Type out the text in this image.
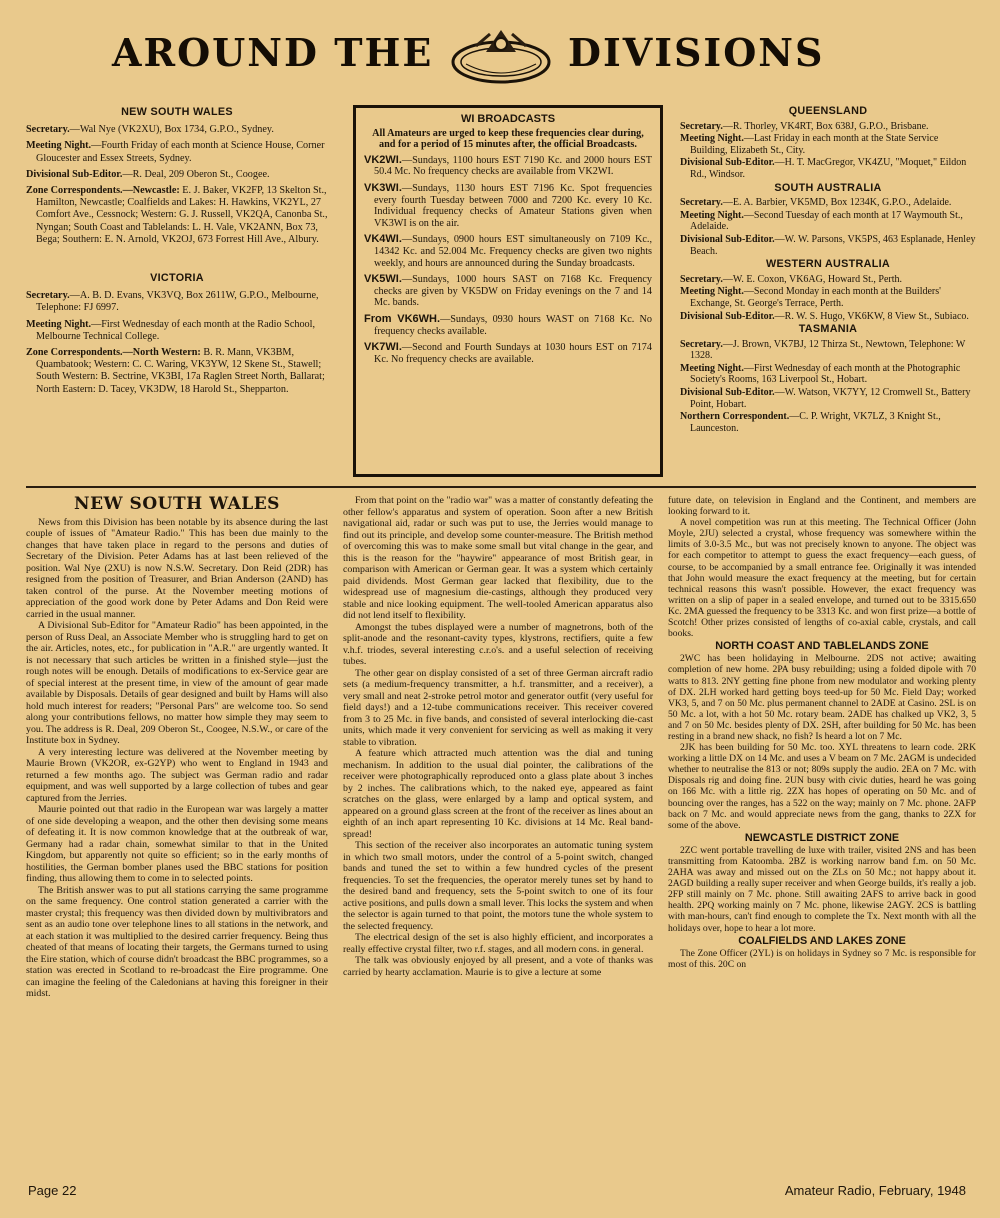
AROUND THE	DIVISIONS
NEW SOUTH WALES

Secretary.—Wal Nye (VK2XU), Box 1734, G.P.O., Sydney.

Meeting Night.—Fourth Friday of each month at Science House, Corner Gloucester and Essex Streets, Sydney.

Divisional Sub-Editor.—R. Deal, 209 Oberon St., Coogee.

Zone Correspondents.—Newcastle: E. J. Baker, VK2FP, 13 Skelton St., Hamilton, Newcastle; Coalfields and Lakes: H. Hawkins, VK2YL, 27 Comfort Ave., Cessnock; Western: G. J. Russell, VK2QA, Canonba St., Nyngan; South Coast and Tablelands: L. H. Vale, VK2ANN, Box 73, Bega; Southern: E. N. Arnold, VK2OJ, 673 Forrest Hill Ave., Albury.

VICTORIA

Secretary.—A. B. D. Evans, VK3VQ, Box 2611W, G.P.O., Melbourne, Telephone: FJ 6997.

Meeting Night.—First Wednesday of each month at the Radio School, Melbourne Technical College.

Zone Correspondents.—North Western: B. R. Mann, VK3BM, Quambatook; Western: C. C. Waring, VK3YW, 12 Skene St., Stawell; South Western: B. Sectrine, VK3BI, 17a Raglen Street North, Ballarat; North Eastern: D. Tacey, VK3DW, 18 Harold St., Shepparton.

WI BROADCASTS
All Amateurs are urged to keep these frequencies clear during, and for a period of 15 minutes after, the official Broadcasts.

VK2WI.—Sundays, 1100 hours EST 7190 Kc. and 2000 hours EST 50.4 Mc. No frequency checks are available from VK2WI.

VK3WI.—Sundays, 1130 hours EST 7196 Kc. Spot frequencies every fourth Tuesday between 7000 and 7200 Kc. every 10 Kc. Individual frequency checks of Amateur Stations given when VK3WI is on the air.

VK4WI.—Sundays, 0900 hours EST simultaneously on 7109 Kc., 14342 Kc. and 52.004 Mc. Frequency checks are given two nights weekly, and hours are announced during the Sunday broadcasts.

VK5WI.—Sundays, 1000 hours SAST on 7168 Kc. Frequency checks are given by VK5DW on Friday evenings on the 7 and 14 Mc. bands.

From VK6WH.—Sundays, 0930 hours WAST on 7168 Kc. No frequency checks available.

VK7WI.—Second and Fourth Sundays at 1030 hours EST on 7174 Kc. No frequency checks are available.

QUEENSLAND

Secretary.—R. Thorley, VK4RT, Box 638J, G.P.O., Brisbane.

Meeting Night.—Last Friday in each month at the State Service Building, Elizabeth St., City.

Divisional Sub-Editor.—H. T. MacGregor, VK4ZU, "Moquet," Eildon Rd., Windsor.

SOUTH AUSTRALIA

Secretary.—E. A. Barbier, VK5MD, Box 1234K, G.P.O., Adelaide.

Meeting Night.—Second Tuesday of each month at 17 Waymouth St., Adelaide.

Divisional Sub-Editor.—W. W. Parsons, VK5PS, 463 Esplanade, Henley Beach.

WESTERN AUSTRALIA

Secretary.—W. E. Coxon, VK6AG, Howard St., Perth.

Meeting Night.—Second Monday in each month at the Builders' Exchange, St. George's Terrace, Perth.

Divisional Sub-Editor.—R. W. S. Hugo, VK6KW, 8 View St., Subiaco.

TASMANIA

Secretary.—J. Brown, VK7BJ, 12 Thirza St., Newtown, Telephone: W 1328.

Meeting Night.—First Wednesday of each month at the Photographic Society's Rooms, 163 Liverpool St., Hobart.

Divisional Sub-Editor.—W. Watson, VK7YY, 12 Cromwell St., Battery Point, Hobart.

Northern Correspondent.—C. P. Wright, VK7LZ, 3 Knight St., Launceston.

NEW SOUTH WALES

News from this Division has been notable by its absence during the last couple of issues of "Amateur Radio." This has been due mainly to the changes that have taken place in regard to the persons and duties of Secretary of the Division. Peter Adams has at last been relieved of the position. Wal Nye (2XU) is now N.S.W. Secretary. Don Reid (2DR) has resigned from the position of Treasurer, and Brian Anderson (2AND) has taken control of the purse. At the November meeting motions of appreciation of the good work done by Peter Adams and Don Reid were carried in the usual manner.

A Divisional Sub-Editor for "Amateur Radio" has been appointed, in the person of Russ Deal, an Associate Member who is struggling hard to get on the air. Articles, notes, etc., for publication in "A.R." are urgently wanted. It is not necessary that such articles be written in a finished style—just the rough notes will be enough. Details of modifications to ex-Service gear are of special interest at the present time, in view of the amount of gear made available by Disposals. Details of gear designed and built by Hams will also hold much interest for readers; "Personal Pars" are welcome too. So send along your contributions fellows, no matter how simple they may seem to you. The address is R. Deal, 209 Oberon St., Coogee, N.S.W., or care of the Institute box in Sydney.

A very interesting lecture was delivered at the November meeting by Maurie Brown (VK2OR, ex-G2YP) who went to England in 1943 and returned a few months ago. The subject was German radio and radar equipment, and was well supported by a large collection of tubes and gear captured from the Jerries.

Maurie pointed out that radio in the European war was largely a matter of one side developing a weapon, and the other then devising some means of defeating it. It is now common knowledge that at the outbreak of war, Germany had a radar chain, somewhat similar to that in the United Kingdom, but apparently not quite so efficient; so in the early months of hostilities, the German bomber planes used the BBC stations for position finding, thus allowing them to come in to selected points.

The British answer was to put all stations carrying the same programme on the same frequency. One control station generated a carrier with the master crystal; this frequency was then divided down by multivibrators and sent as an audio tone over telephone lines to all stations in the network, and at each station it was multiplied to the desired carrier frequency. Being thus cheated of that means of locating their targets, the Germans turned to using the Eire station, which of course didn't broadcast the BBC programmes, so a station was erected in Scotland to re-broadcast the Eire programme. One can imagine the feeling of the Caledonians at having this foreigner in their midst.

From that point on the "radio war" was a matter of constantly defeating the other fellow's apparatus and system of operation. Soon after a new British navigational aid, radar or such was put to use, the Jerries would manage to find out its principle, and develop some counter-measure. The British method of overcoming this was to make some small but vital change in the gear, and this is the reason for the "haywire" appearance of most British gear, in comparison with American or German gear. It was a system which certainly paid dividends. Most German gear lacked that flexibility, due to the widespread use of magnesium die-castings, although they produced very stable and nice looking equipment. The well-tooled American apparatus also did not lend itself to flexibility.

Amongst the tubes displayed were a number of magnetrons, both of the split-anode and the resonant-cavity types, klystrons, rectifiers, quite a few v.h.f. triodes, several interesting c.r.o's. and a useful selection of receiving tubes.

The other gear on display consisted of a set of three German aircraft radio sets (a medium-frequency transmitter, a h.f. transmitter, and a receiver), a very small and neat 2-stroke petrol motor and generator outfit (very useful for field days!) and a 12-tube communications receiver. This receiver covered from 3 to 25 Mc. in five bands, and consisted of several interlocking die-cast units, which made it very convenient for servicing as well as making it very stable to vibration.

A feature which attracted much attention was the dial and tuning mechanism. In addition to the usual dial pointer, the calibrations of the receiver were photographically reproduced onto a glass plate about 3 inches by 2 inches. The calibrations which, to the naked eye, appeared as faint scratches on the glass, were enlarged by a lamp and optical system, and appeared on a ground glass screen at the front of the receiver as lines about an eighth of an inch apart representing 10 Kc. divisions at 14 Mc. Real band-spread!

This section of the receiver also incorporates an automatic tuning system in which two small motors, under the control of a 5-point switch, changed bands and tuned the set to within a few hundred cycles of the present frequencies. To set the frequencies, the operator merely tunes set by hand to the desired band and frequency, sets the 5-point switch to one of its four active positions, and pulls down a small lever. This locks the system and when the selector is again turned to that point, the motors tune the whole system to the selected frequency.

The electrical design of the set is also highly efficient, and incorporates a really effective crystal filter, two r.f. stages, and all modern cons. in general.

The talk was obviously enjoyed by all present, and a vote of thanks was carried by hearty acclamation. Maurie is to give a lecture at some

future date, on television in England and the Continent, and members are looking forward to it.

A novel competition was run at this meeting. The Technical Officer (John Moyle, 2JU) selected a crystal, whose frequency was somewhere within the limits of 3.0-3.5 Mc., but was not precisely known to anyone. The object was for each competitor to attempt to guess the exact frequency—each guess, of course, to be accompanied by a small entrance fee. Originally it was intended that John would measure the exact frequency at the meeting, but for certain technical reasons this wasn't possible. However, the exact frequency was written on a slip of paper in a sealed envelope, and turned out to be 3315.650 Kc. 2MA guessed the frequency to be 3313 Kc. and won first prize—a bottle of Scotch! Other prizes consisted of lengths of co-axial cable, crystals, and call books.

NORTH COAST AND TABLELANDS ZONE

2WC has been holidaying in Melbourne. 2DS not active; awaiting completion of new home. 2PA busy rebuilding; using a folded dipole with 70 watts to 813. 2NY getting fine phone from new modulator and working plenty of DX. 2LH worked hard getting boys teed-up for 50 Mc. Field Day; worked VK3, 5, and 7 on 50 Mc. plus permanent channel to 2ADE at Casino. 2SL is on 50 Mc. a lot, with a hot 50 Mc. rotary beam. 2ADE has chalked up VK2, 3, 5 and 7 on 50 Mc. besides plenty of DX. 2SH, after building for 50 Mc. has been resting in a brand new shack, no fish? Is heard a lot on 7 Mc.

2JK has been building for 50 Mc. too. XYL threatens to learn code. 2RK working a little DX on 14 Mc. and uses a V beam on 7 Mc. 2AGM is undecided whether to neutralise the 813 or not; 809s supply the audio. 2EA on 7 Mc. with Disposals rig and doing fine. 2UN busy with civic duties, heard he was going on 166 Mc. with a little rig. 2ZX has hopes of operating on 50 Mc. and of bouncing over the ranges, has a 522 on the way; mainly on 7 Mc. phone. 2AFP back on 7 Mc. and would appreciate news from the gang, thanks to 2ZX for some of the above.

NEWCASTLE DISTRICT ZONE

2ZC went portable travelling de luxe with trailer, visited 2NS and has been transmitting from Katoomba. 2BZ is working narrow band f.m. on 50 Mc. 2AHA was away and missed out on the ZLs on 50 Mc.; not happy about it. 2AGD building a really super receiver and when George builds, it's really a job. 2FP still mainly on 7 Mc. phone. Still awaiting 2AFS to arrive back in good health. 2PQ working mainly on 7 Mc. phone, likewise 2AGY. 2CS is battling with man-hours, can't find enough to complete the Tx. Next month with all the holidays over, hope to hear a lot more.

COALFIELDS AND LAKES ZONE

The Zone Officer (2YL) is on holidays in Sydney so 7 Mc. is responsible for most of this. 20C on

Page 22	Amateur Radio, February, 1948
